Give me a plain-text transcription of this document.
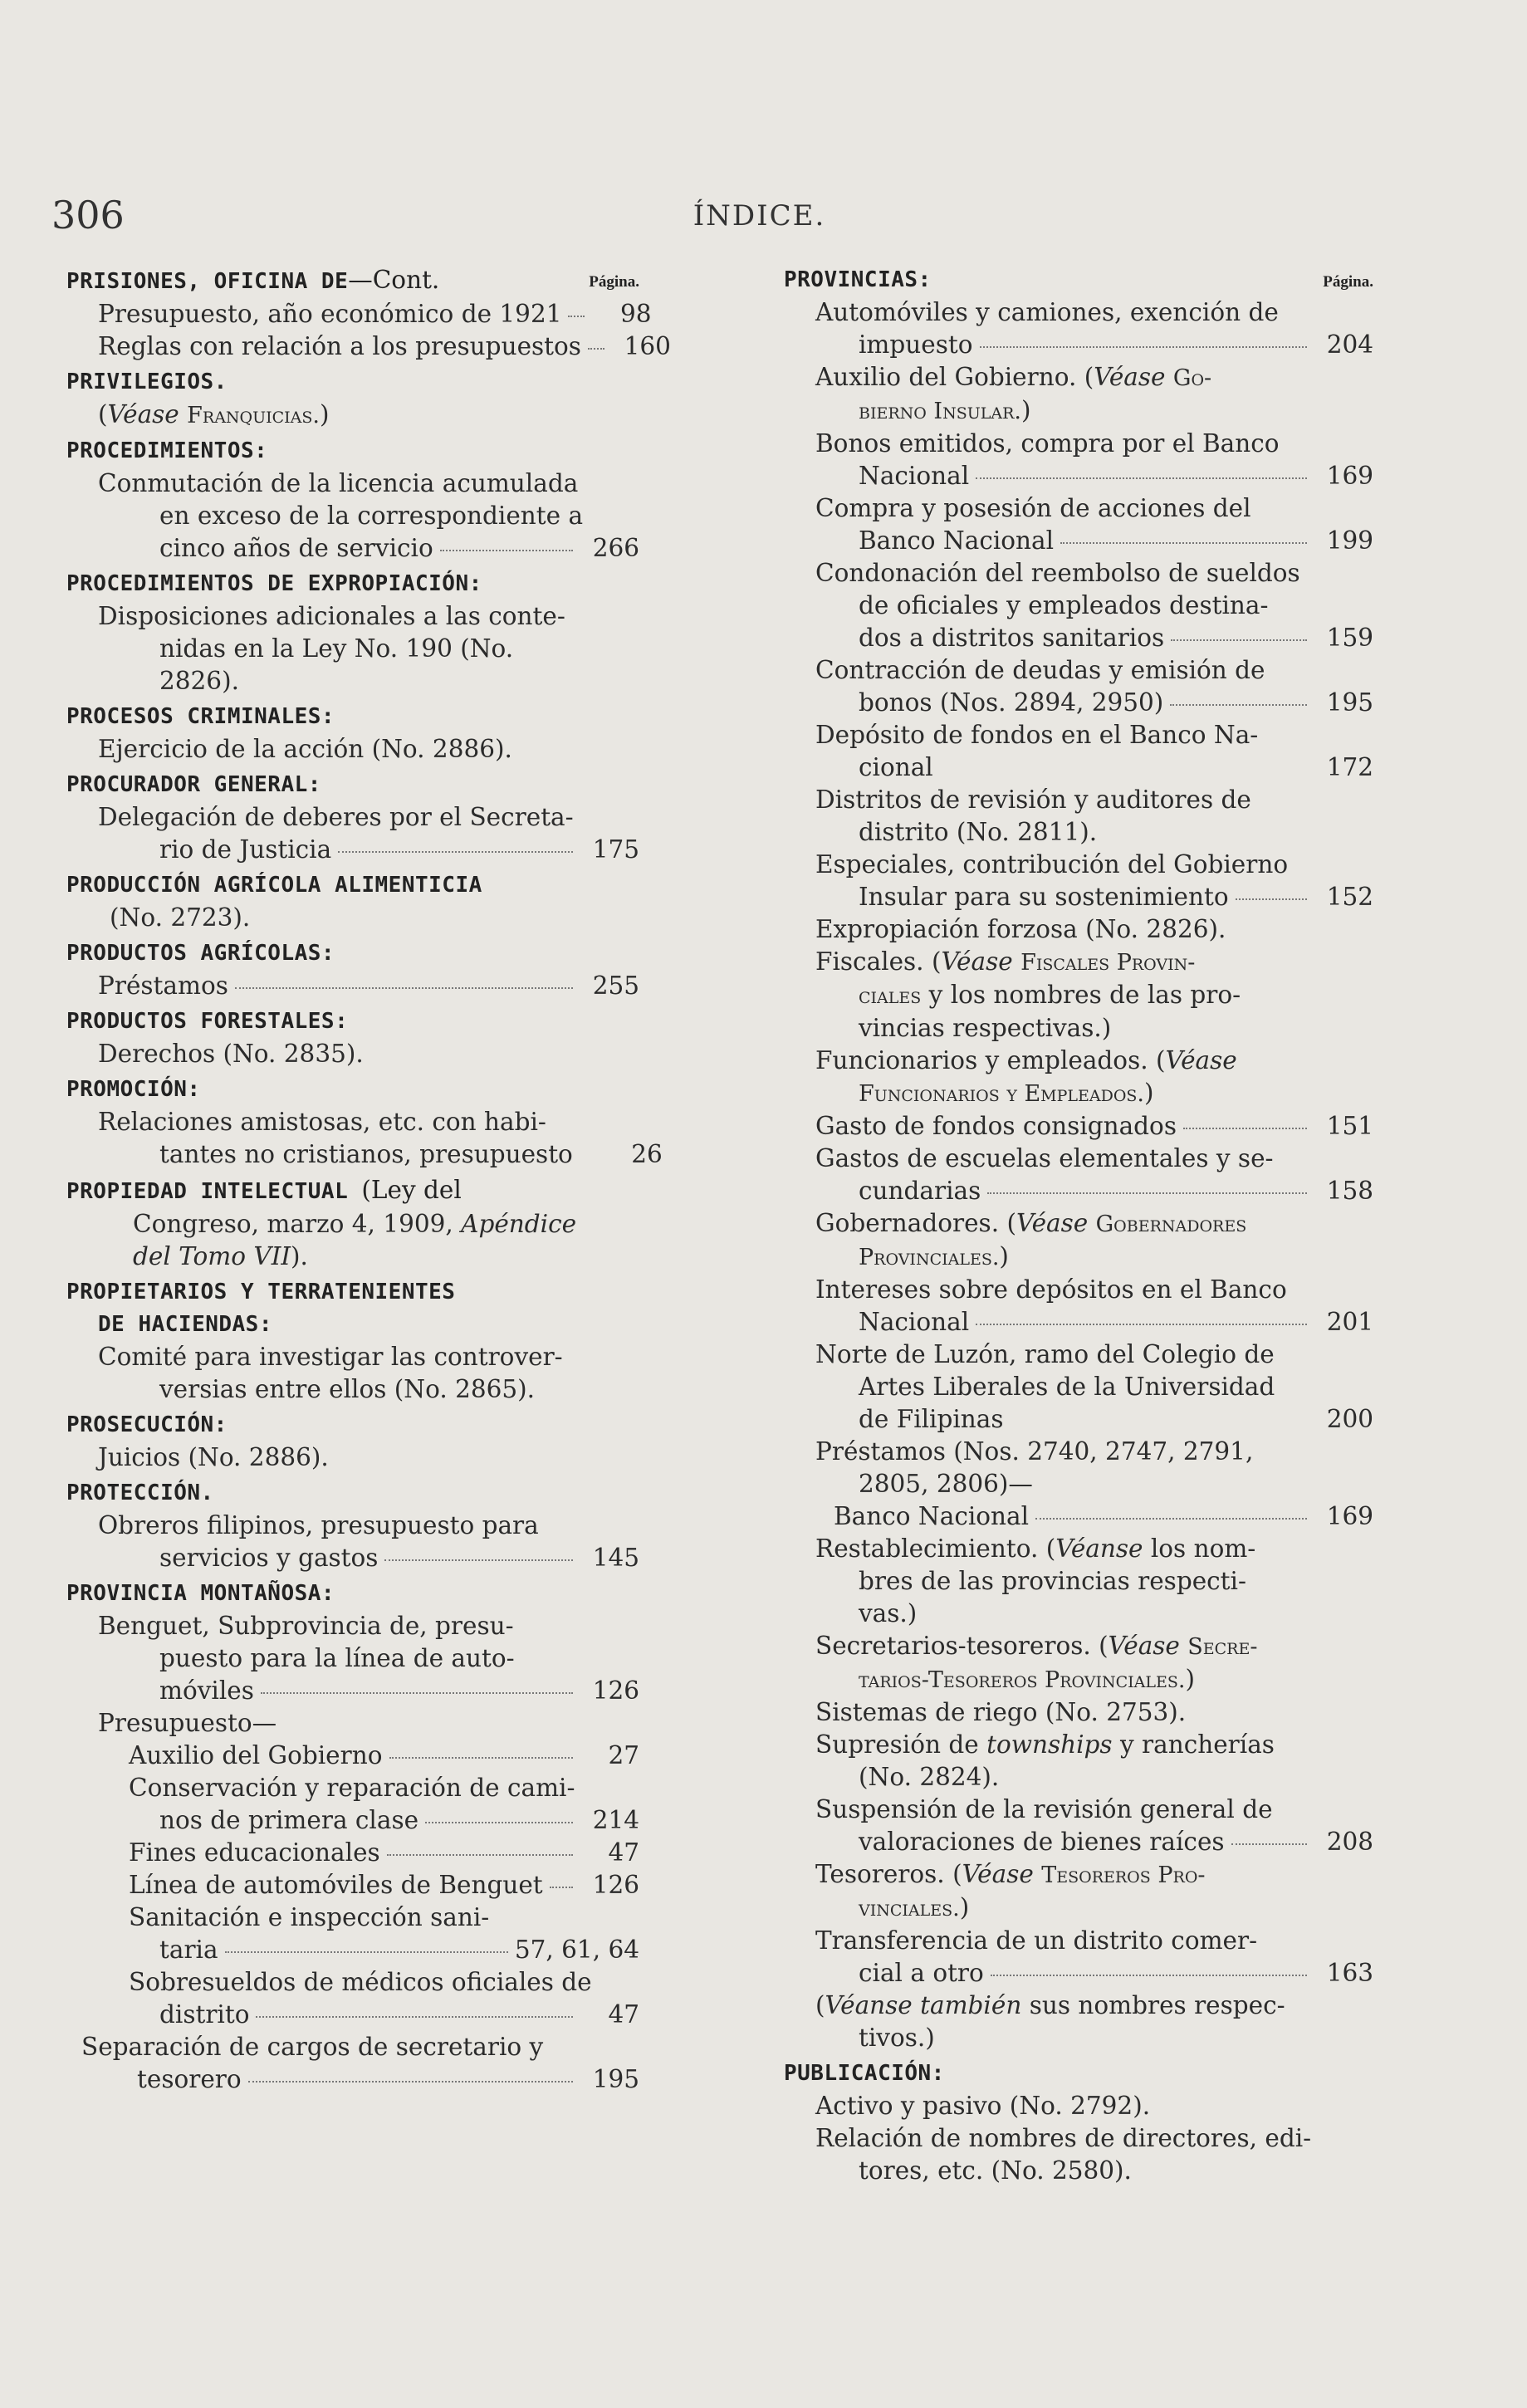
306	ÍNDICE.
PRISIONES, OFICINA DE—Cont.	Página.
Presupuesto, año económico de 1921	98
Reglas con relación a los presupuestos	160
PRIVILEGIOS.
(Véase Franquicias.)
PROCEDIMIENTOS:
Conmutación de la licencia acumulada
en exceso de la correspondiente a
cinco años de servicio	266
PROCEDIMIENTOS DE EXPROPIACIÓN:
Disposiciones adicionales a las conte-
nidas en la Ley No. 190 (No.
2826).
PROCESOS CRIMINALES:
Ejercicio de la acción (No. 2886).
PROCURADOR GENERAL:
Delegación de deberes por el Secreta-
rio de Justicia	175
PRODUCCIÓN AGRÍCOLA ALIMENTICIA
(No. 2723).
PRODUCTOS AGRÍCOLAS:
Préstamos	255
PRODUCTOS FORESTALES:
Derechos (No. 2835).
PROMOCIÓN:
Relaciones amistosas, etc. con habi-
tantes no cristianos, presupuesto	26
PROPIEDAD INTELECTUAL (Ley del
Congreso, marzo 4, 1909, Apéndice
del Tomo VII).
PROPIETARIOS Y TERRATENIENTES
DE HACIENDAS:
Comité para investigar las controver-
versias entre ellos (No. 2865).
PROSECUCIÓN:
Juicios (No. 2886).
PROTECCIÓN.
Obreros filipinos, presupuesto para
servicios y gastos	145
PROVINCIA MONTAÑOSA:
Benguet, Subprovincia de, presu-
puesto para la línea de auto-
móviles	126
Presupuesto—
Auxilio del Gobierno	27
Conservación y reparación de cami-
nos de primera clase	214
Fines educacionales	47
Línea de automóviles de Benguet	126
Sanitación e inspección sani-
taria	57, 61, 64
Sobresueldos de médicos oficiales de
distrito	47
Separación de cargos de secretario y
tesorero	195
PROVINCIAS:	Página.
Automóviles y camiones, exención de
impuesto	204
Auxilio del Gobierno. (Véase Go-
bierno Insular.)
Bonos emitidos, compra por el Banco
Nacional	169
Compra y posesión de acciones del
Banco Nacional	199
Condonación del reembolso de sueldos
de oficiales y empleados destina-
dos a distritos sanitarios	159
Contracción de deudas y emisión de
bonos (Nos. 2894, 2950)	195
Depósito de fondos en el Banco Na-
cional	172
Distritos de revisión y auditores de
distrito (No. 2811).
Especiales, contribución del Gobierno
Insular para su sostenimiento	152
Expropiación forzosa (No. 2826).
Fiscales. (Véase Fiscales Provin-
ciales y los nombres de las pro-
vincias respectivas.)
Funcionarios y empleados. (Véase
Funcionarios y Empleados.)
Gasto de fondos consignados	151
Gastos de escuelas elementales y se-
cundarias	158
Gobernadores. (Véase Gobernadores
Provinciales.)
Intereses sobre depósitos en el Banco
Nacional	201
Norte de Luzón, ramo del Colegio de
Artes Liberales de la Universidad
de Filipinas	200
Préstamos (Nos. 2740, 2747, 2791,
2805, 2806)—
Banco Nacional	169
Restablecimiento. (Véanse los nom-
bres de las provincias respecti-
vas.)
Secretarios-tesoreros. (Véase Secre-
tarios-Tesoreros Provinciales.)
Sistemas de riego (No. 2753).
Supresión de townships y rancherías
(No. 2824).
Suspensión de la revisión general de
valoraciones de bienes raíces	208
Tesoreros. (Véase Tesoreros Pro-
vinciales.)
Transferencia de un distrito comer-
cial a otro	163
(Véanse también sus nombres respec-
tivos.)
PUBLICACIÓN:
Activo y pasivo (No. 2792).
Relación de nombres de directores, edi-
tores, etc. (No. 2580).
